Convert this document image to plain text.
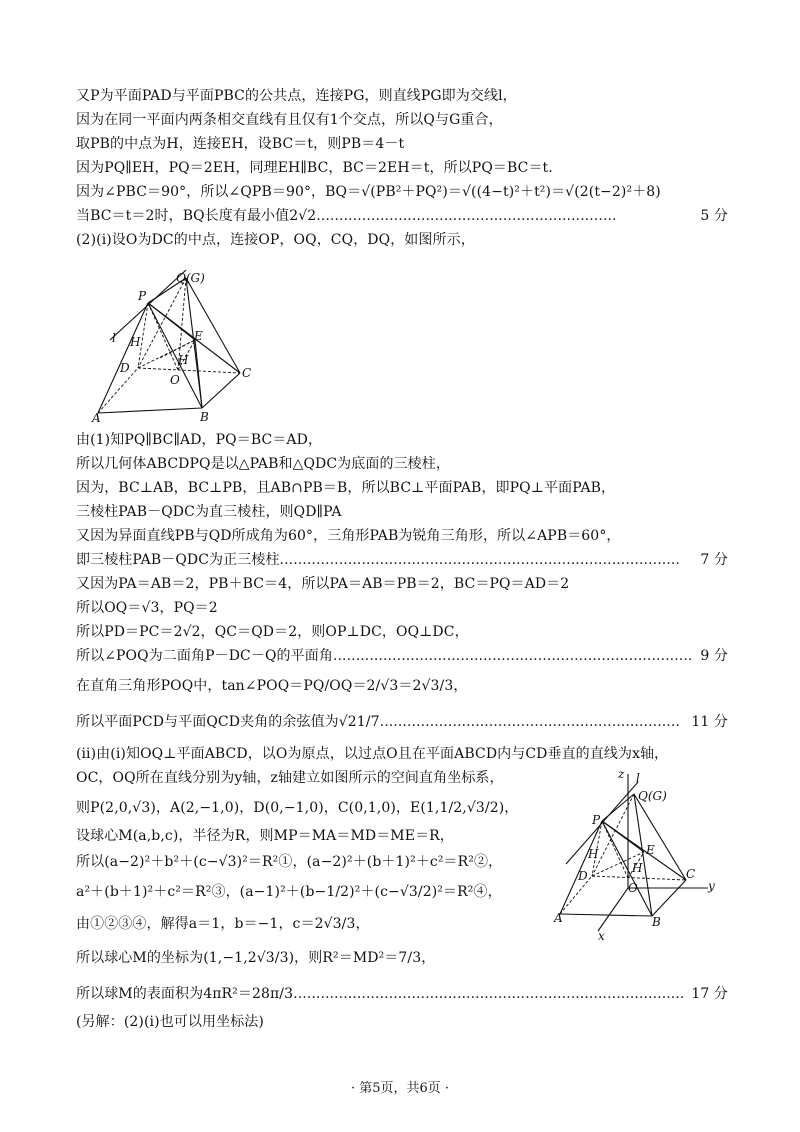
又P为平面PAD与平面PBC的公共点，连接PG，则直线PG即为交线l，
因为在同一平面内两条相交直线有且仅有1个交点，所以Q与G重合，
取PB的中点为H，连接EH，设BC＝t，则PB＝4－t
因为PQ∥EH，PQ＝2EH，同理EH∥BC，BC＝2EH＝t，所以PQ＝BC＝t.
因为∠PBC＝90°，所以∠QPB＝90°，BQ＝√(PB²＋PQ²)＝√((4−t)²＋t²)＝√(2(t−2)²＋8)
当BC＝t＝2时，BQ长度有最小值2√2 .....	5 分
(2)(ⅰ)设O为DC的中点，连接OP，OQ，CQ，DQ，如图所示，
Q(G)
P
l	E
H
D
O	C
A	B
H
由(1)知PQ∥BC∥AD，PQ＝BC＝AD，
所以几何体ABCDPQ是以△PAB和△QDC为底面的三棱柱，
因为，BC⊥AB，BC⊥PB，且AB∩PB＝B，所以BC⊥平面PAB，即PQ⊥平面PAB，
三棱柱PAB－QDC为直三棱柱，则QD∥PA
又因为异面直线PB与QD所成角为60°，三角形PAB为锐角三角形，所以∠APB＝60°，
即三棱柱PAB－QDC为正三棱柱 .....	7 分
又因为PA＝AB＝2，PB＋BC＝4，所以PA＝AB＝PB＝2，BC＝PQ＝AD＝2
所以OQ＝√3，PQ＝2
所以PD＝PC＝2√2，QC＝QD＝2，则OP⊥DC，OQ⊥DC，
所以∠POQ为二面角P－DC－Q的平面角 .....	9 分
在直角三角形POQ中，tan∠POQ＝PQ/OQ＝2/√3＝2√3/3，
所以平面PCD与平面QCD夹角的余弦值为√21/7 .....	11 分
(ⅱ)由(ⅰ)知OQ⊥平面ABCD，以O为原点，以过点O且在平面ABCD内与CD垂直的直线为x轴，
OC，OQ所在直线分别为y轴，z轴建立如图所示的空间直角坐标系，
则P(2,0,√3)，A(2,−1,0)，D(0,−1,0)，C(0,1,0)，E(1,1/2,√3/2)，
设球心M(a,b,c)，半径为R，则MP＝MA＝MD＝ME＝R，
所以(a−2)²＋b²＋(c−√3)²＝R²①，(a−2)²＋(b＋1)²＋c²＝R²②，
a²＋(b＋1)²＋c²＝R²③，(a−1)²＋(b−1/2)²＋(c−√3/2)²＝R²④，
由①②③④，解得a＝1，b＝−1，c＝2√3/3，
所以球心M的坐标为(1,−1,2√3/3)，则R²＝MD²＝7/3，
所以球M的表面积为4πR²＝28π/3 .....	17 分
(另解：(2)(ⅰ)也可以用坐标法)
z l
Q(G)
P
H	E
D
H
O
C
y
A	B
x
· 第5页，共6页 ·
